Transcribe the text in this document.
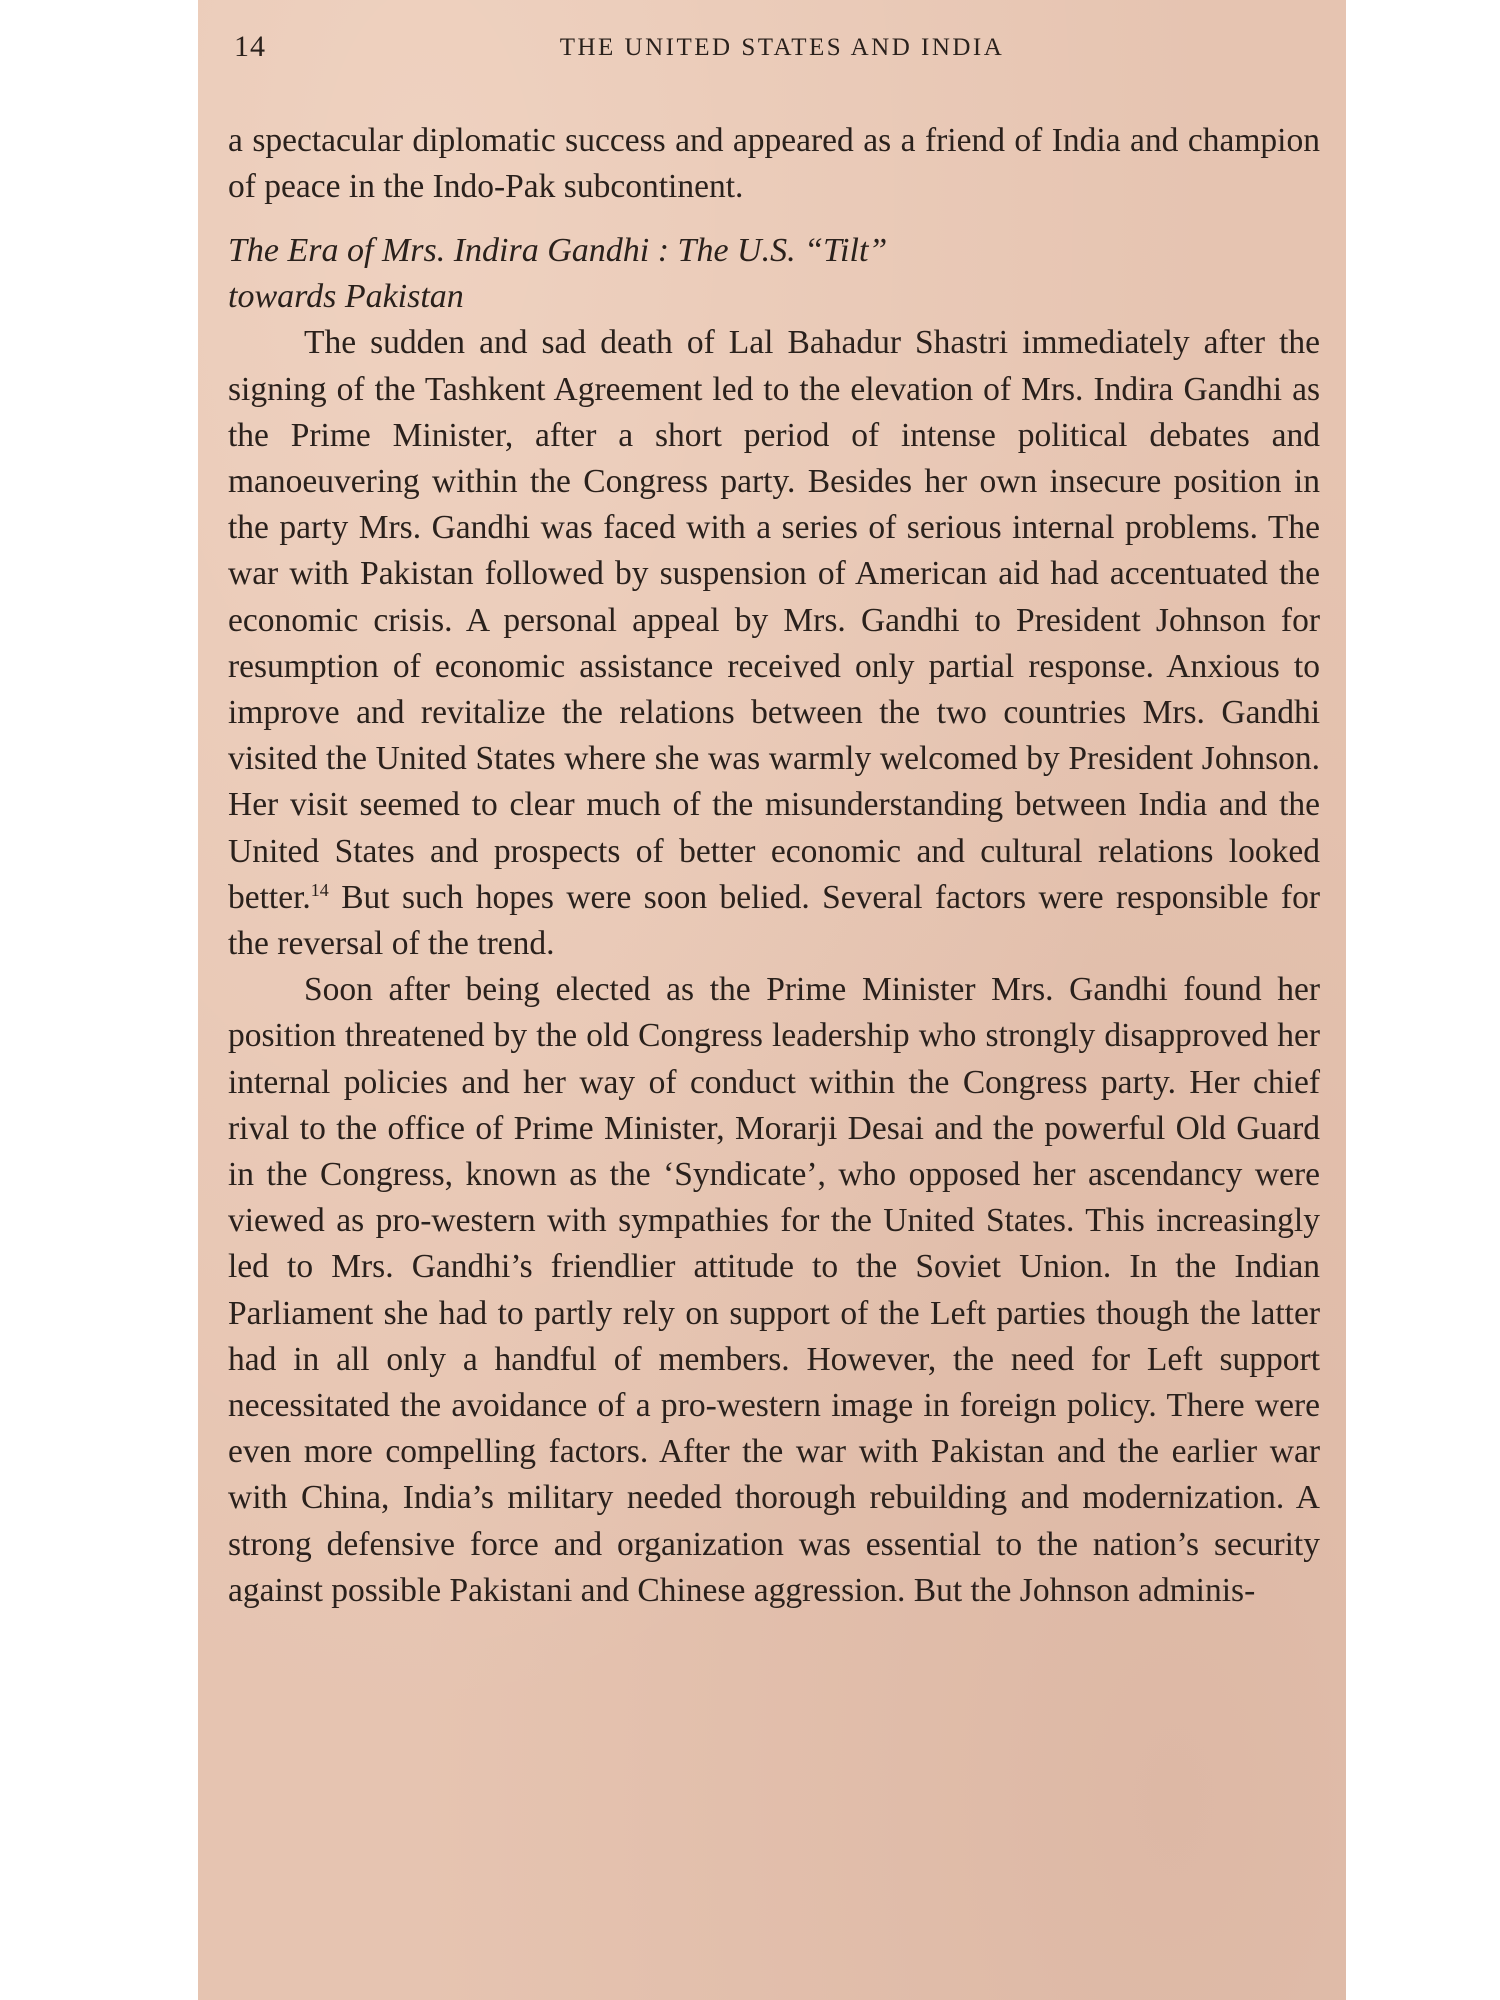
14	THE UNITED STATES AND INDIA

a spectacular diplomatic success and appeared as a friend of India and champion of peace in the Indo-Pak subcontinent.

The Era of Mrs. Indira Gandhi : The U.S. “Tilt”
towards Pakistan

The sudden and sad death of Lal Bahadur Shastri immediately after the signing of the Tashkent Agreement led to the elevation of Mrs. Indira Gandhi as the Prime Minister, after a short period of intense political debates and manoeuvering within the Congress party. Besides her own insecure position in the party Mrs. Gandhi was faced with a series of serious internal problems. The war with Pakistan followed by suspension of American aid had accentuated the economic crisis. A personal appeal by Mrs. Gandhi to President Johnson for resumption of economic assistance received only partial response. Anxious to improve and revitalize the relations between the two countries Mrs. Gandhi visited the United States where she was warmly welcomed by President Johnson. Her visit seemed to clear much of the misunderstanding between India and the United States and prospects of better economic and cultural relations looked better.$^{14}$ But such hopes were soon belied. Several factors were responsible for the reversal of the trend.

Soon after being elected as the Prime Minister Mrs. Gandhi found her position threatened by the old Congress leadership who strongly disapproved her internal policies and her way of conduct within the Congress party. Her chief rival to the office of Prime Minister, Morarji Desai and the powerful Old Guard in the Congress, known as the ‘Syndicate’, who opposed her ascendancy were viewed as pro-western with sympathies for the United States. This increasingly led to Mrs. Gandhi’s friendlier attitude to the Soviet Union. In the Indian Parliament she had to partly rely on support of the Left parties though the latter had in all only a handful of members. However, the need for Left support necessitated the avoidance of a pro-western image in foreign policy. There were even more compelling factors. After the war with Pakistan and the earlier war with China, India’s military needed thorough rebuilding and modernization. A strong defensive force and organization was essential to the nation’s security against possible Pakistani and Chinese aggression. But the Johnson adminis-
